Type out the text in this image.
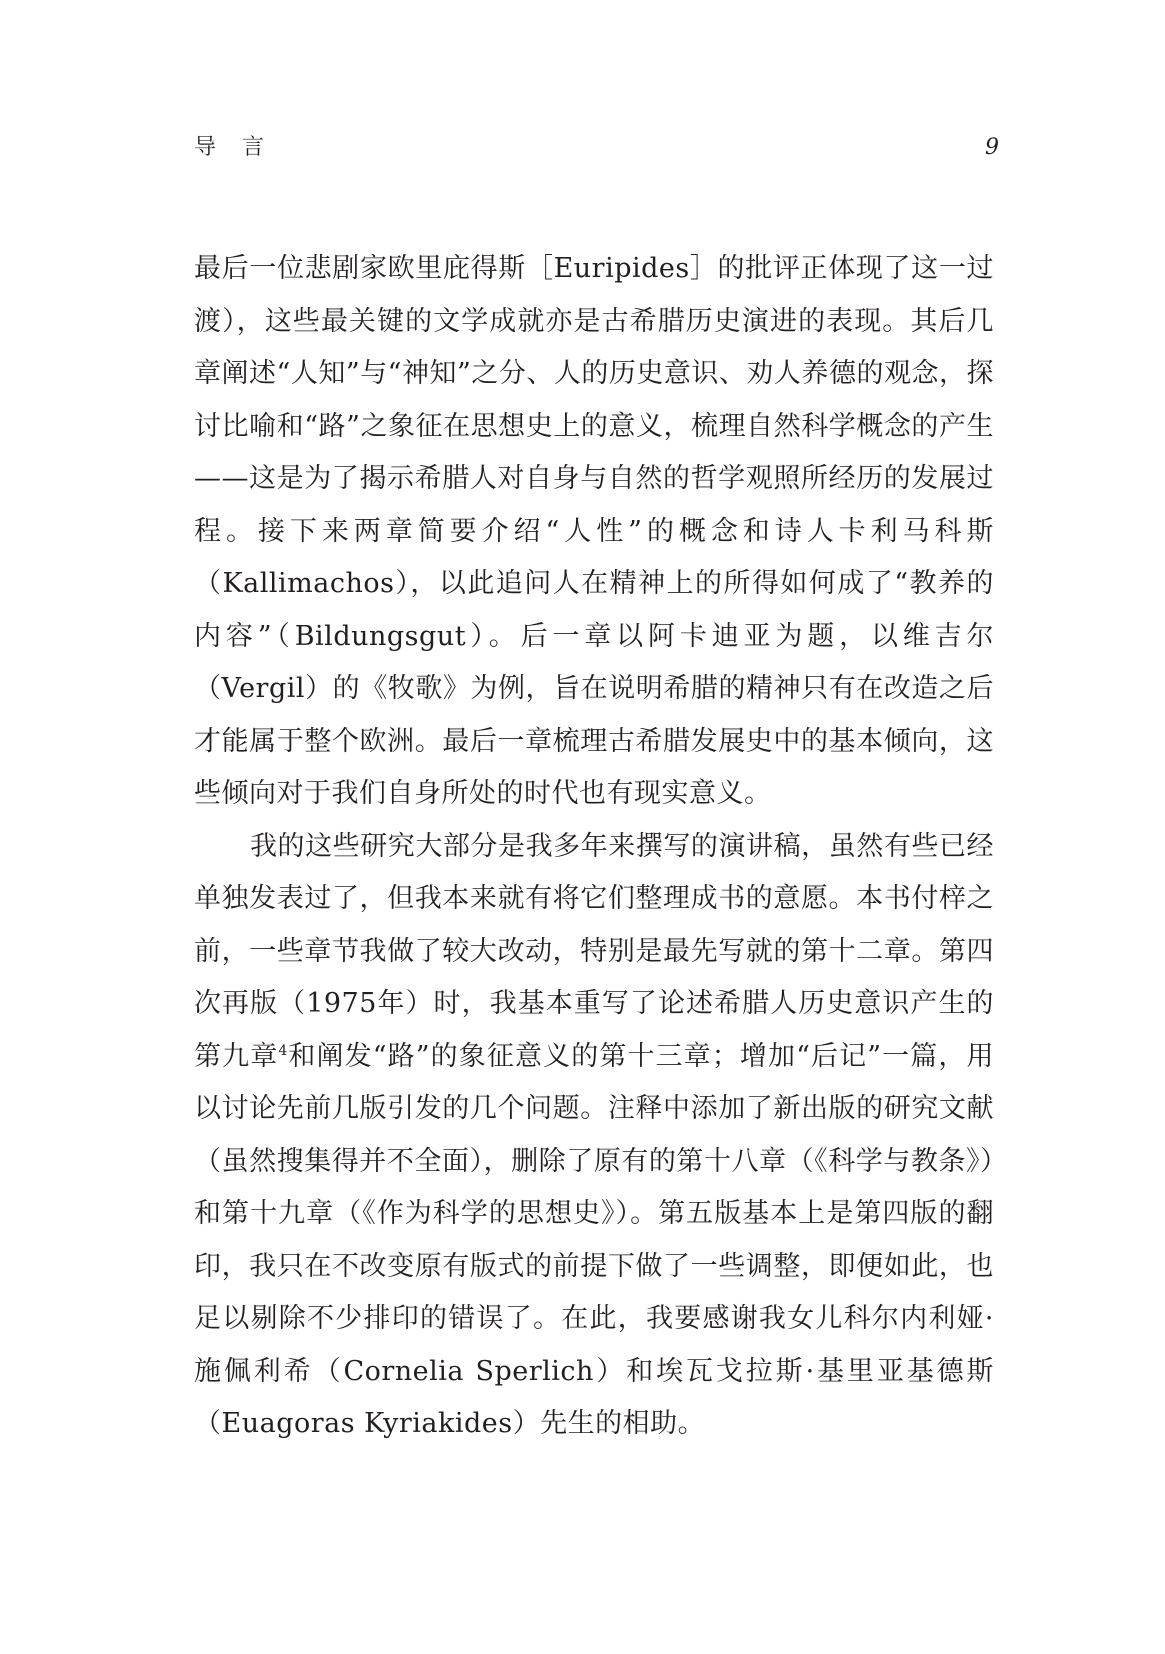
导言	9

最后一位悲剧家欧里庇得斯［Euripides］的批评正体现了这一过渡），这些最关键的文学成就亦是古希腊历史演进的表现。其后几章阐述“人知”与“神知”之分、人的历史意识、劝人养德的观念，探讨比喻和“路”之象征在思想史上的意义，梳理自然科学概念的产生——这是为了揭示希腊人对自身与自然的哲学观照所经历的发展过程。接下来两章简要介绍“人性”的概念和诗人卡利马科斯（Kallimachos），以此追问人在精神上的所得如何成了“教养的内容”（Bildungsgut）。后一章以阿卡迪亚为题，以维吉尔（Vergil）的《牧歌》为例，旨在说明希腊的精神只有在改造之后才能属于整个欧洲。最后一章梳理古希腊发展史中的基本倾向，这些倾向对于我们自身所处的时代也有现实意义。

我的这些研究大部分是我多年来撰写的演讲稿，虽然有些已经单独发表过了，但我本来就有将它们整理成书的意愿。本书付梓之前，一些章节我做了较大改动，特别是最先写就的第十二章。第四次再版（1975年）时，我基本重写了论述希腊人历史意识产生的第九章$^4$和阐发“路”的象征意义的第十三章；增加“后记”一篇，用以讨论先前几版引发的几个问题。注释中添加了新出版的研究文献（虽然搜集得并不全面），删除了原有的第十八章（《科学与教条》）和第十九章（《作为科学的思想史》）。第五版基本上是第四版的翻印，我只在不改变原有版式的前提下做了一些调整，即便如此，也足以剔除不少排印的错误了。在此，我要感谢我女儿科尔内利娅·施佩利希（Cornelia Sperlich）和埃瓦戈拉斯·基里亚基德斯（Euagoras Kyriakides）先生的相助。
